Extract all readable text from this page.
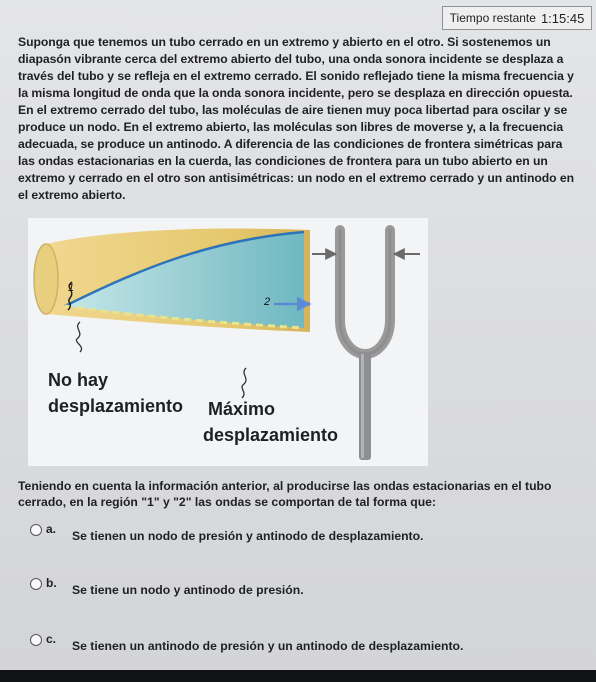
Tiempo restante 1:15:45
Suponga que tenemos un tubo cerrado en un extremo y abierto en el otro. Si sostenemos un diapasón vibrante cerca del extremo abierto del tubo, una onda sonora incidente se desplaza a través del tubo y se refleja en el extremo cerrado. El sonido reflejado tiene la misma frecuencia y la misma longitud de onda que la onda sonora incidente, pero se desplaza en dirección opuesta. En el extremo cerrado del tubo, las moléculas de aire tienen muy poca libertad para oscilar y se produce un nodo. En el extremo abierto, las moléculas son libres de moverse y, a la frecuencia adecuada, se produce un antinodo. A diferencia de las condiciones de frontera simétricas para las ondas estacionarias en la cuerda, las condiciones de frontera para un tubo abierto en un extremo y cerrado en el otro son antisimétricas: un nodo en el extremo cerrado y un antinodo en el extremo abierto.
1
2
No hay
desplazamiento Máximo
desplazamiento
Teniendo en cuenta la información anterior, al producirse las ondas estacionarias en el tubo cerrado, en la región "1" y "2" las ondas se comportan de tal forma que:
a. Se tienen un nodo de presión y antinodo de desplazamiento.
b. Se tiene un nodo y antinodo de presión.
c. Se tienen un antinodo de presión y un antinodo de desplazamiento.
